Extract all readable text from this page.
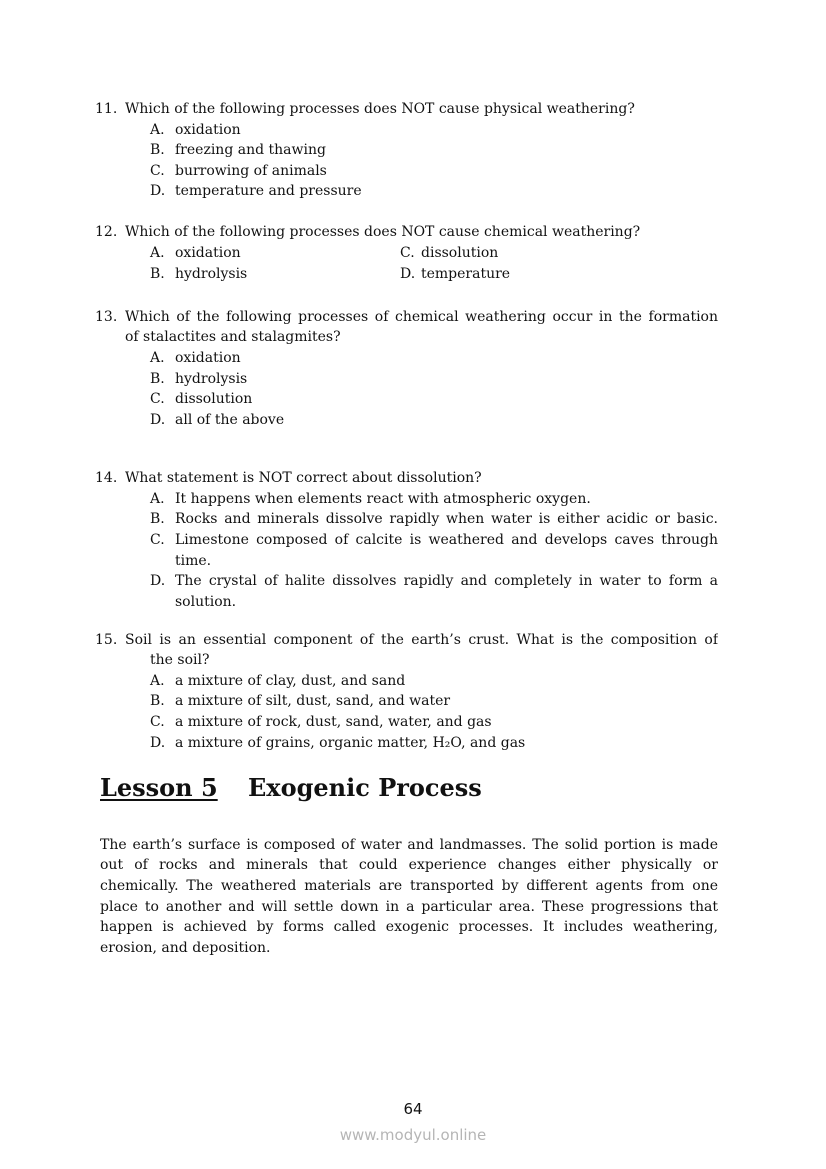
11. Which of the following processes does NOT cause physical weathering?
A. oxidation
B. freezing and thawing
C. burrowing of animals
D. temperature and pressure
12. Which of the following processes does NOT cause chemical weathering?
A. oxidation
B. hydrolysis
C. dissolution
D. temperature
13. Which of the following processes of chemical weathering occur in the formation
of stalactites and stalagmites?
A. oxidation
B. hydrolysis
C. dissolution
D. all of the above
14. What statement is NOT correct about dissolution?
A. It happens when elements react with atmospheric oxygen.
B. Rocks and minerals dissolve rapidly when water is either acidic or basic.
C. Limestone composed of calcite is weathered and develops caves through
time.
D. The crystal of halite dissolves rapidly and completely in water to form a
solution.
15. Soil is an essential component of the earth’s crust. What is the composition of
the soil?
A. a mixture of clay, dust, and sand
B. a mixture of silt, dust, sand, and water
C. a mixture of rock, dust, sand, water, and gas
D. a mixture of grains, organic matter, H₂O, and gas
Lesson 5 Exogenic Process
The earth’s surface is composed of water and landmasses. The solid portion is made
out of rocks and minerals that could experience changes either physically or
chemically. The weathered materials are transported by different agents from one
place to another and will settle down in a particular area. These progressions that
happen is achieved by forms called exogenic processes. It includes weathering,
erosion, and deposition.
64
www.modyul.online
